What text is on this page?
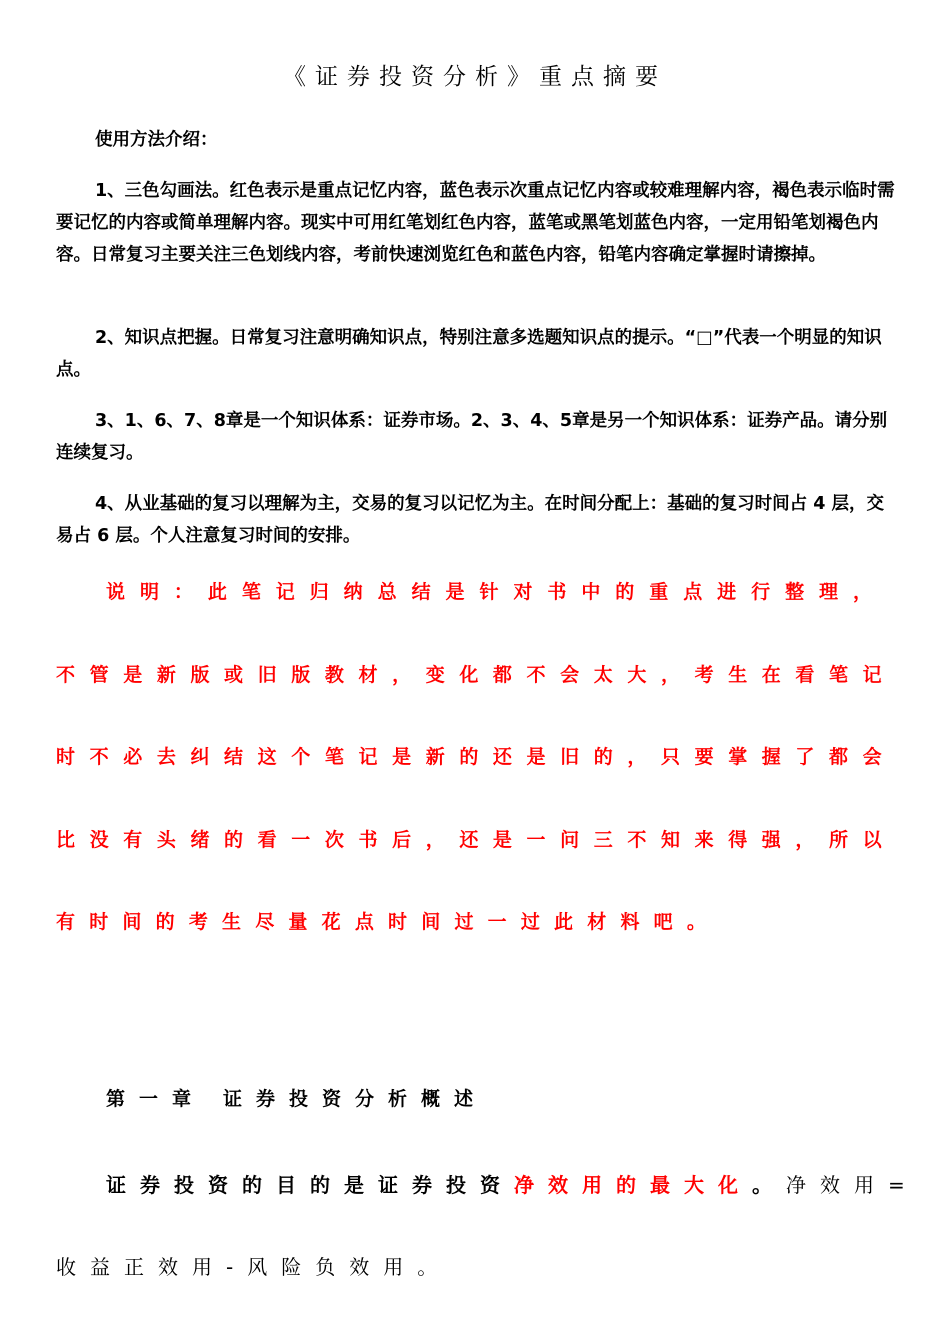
《证券投资分析》重点摘要
使用方法介绍：
1、三色勾画法。红色表示是重点记忆内容，蓝色表示次重点记忆内容或较难理解内容，褐色表示临时需要记忆的内容或简单理解内容。现实中可用红笔划红色内容，蓝笔或黑笔划蓝色内容，一定用铅笔划褐色内容。日常复习主要关注三色划线内容，考前快速浏览红色和蓝色内容，铅笔内容确定掌握时请擦掉。
2、知识点把握。日常复习注意明确知识点，特别注意多选题知识点的提示。“□”代表一个明显的知识点。
3、1、6、7、8章是一个知识体系：证券市场。2、3、4、5章是另一个知识体系：证券产品。请分别连续复习。
4、从业基础的复习以理解为主，交易的复习以记忆为主。在时间分配上：基础的复习时间占 4 层，交易占 6 层。个人注意复习时间的安排。
说 明 ： 此 笔 记 归 纳 总 结 是 针 对 书 中 的 重 点 进 行 整 理 ，
不 管 是 新 版 或 旧 版 教 材 ， 变 化 都 不 会 太 大 ， 考 生 在 看 笔 记
时 不 必 去 纠 结 这 个 笔 记 是 新 的 还 是 旧 的 ， 只 要 掌 握 了 都 会
比 没 有 头 绪 的 看 一 次 书 后 ， 还 是 一 问 三 不 知 来 得 强 ， 所 以
有 时 间 的 考 生 尽 量 花 点 时 间 过 一 过 此 材 料 吧 。
第一章 证券投资分析概述
证券投资的目的是证券投资 净效用的最大化 。 净效用=
收益正效用-风险负效用。
